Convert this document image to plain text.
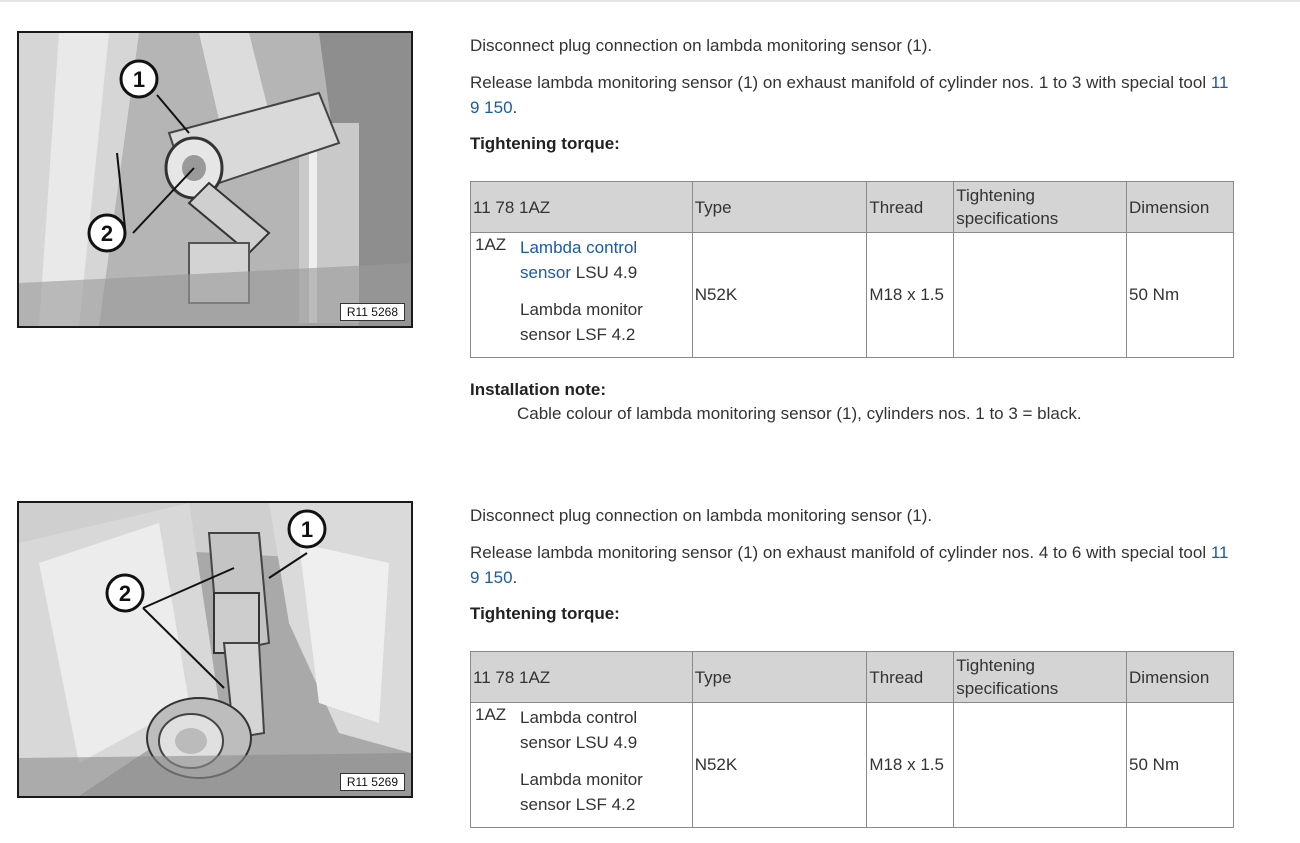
1
2
R11 5268

Disconnect plug connection on lambda monitoring sensor (1).

Release lambda monitoring sensor (1) on exhaust manifold of cylinder nos. 1 to 3 with special tool 11 9 150.

Tightening torque:

11 78 1AZ	Type	Thread	Tightening specifications	Dimension

1AZ Lambda control sensor LSU 4.9
Lambda monitor sensor LSF 4.2	N52K	M18 x 1.5		50 Nm

Installation note:

Cable colour of lambda monitoring sensor (1), cylinders nos. 1 to 3 = black.

1
2
R11 5269

Disconnect plug connection on lambda monitoring sensor (1).

Release lambda monitoring sensor (1) on exhaust manifold of cylinder nos. 4 to 6 with special tool 11 9 150.

Tightening torque:

11 78 1AZ	Type	Thread	Tightening specifications	Dimension

1AZ Lambda control sensor LSU 4.9
Lambda monitor sensor LSF 4.2	N52K	M18 x 1.5		50 Nm
